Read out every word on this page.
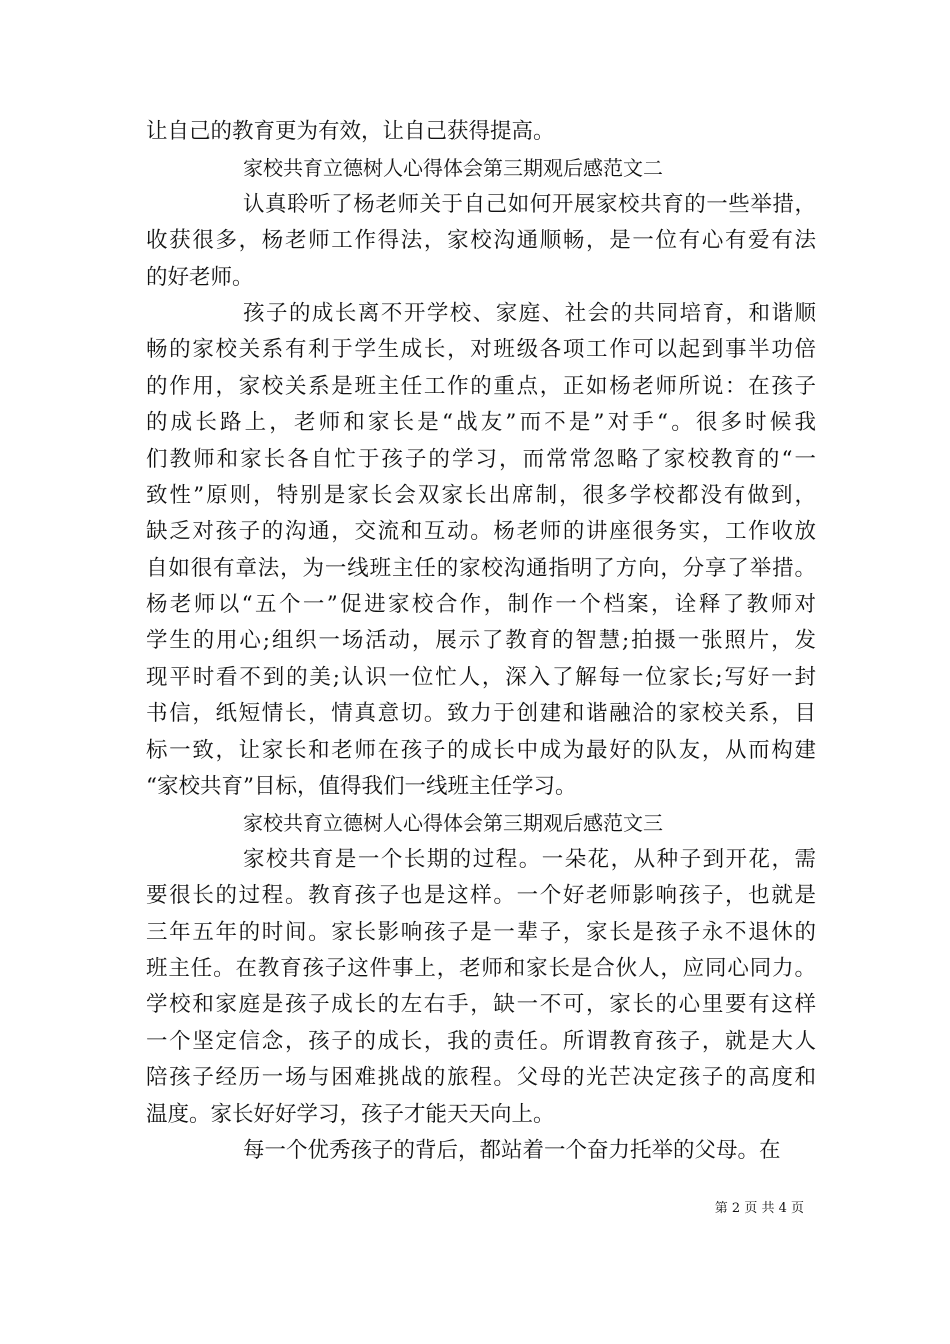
让自己的教育更为有效，让自己获得提高。
家校共育立德树人心得体会第三期观后感范文二
认真聆听了杨老师关于自己如何开展家校共育的一些举措，
收获很多，杨老师工作得法，家校沟通顺畅，是一位有心有爱有法
的好老师。
孩子的成长离不开学校、家庭、社会的共同培育，和谐顺
畅的家校关系有利于学生成长，对班级各项工作可以起到事半功倍
的作用，家校关系是班主任工作的重点，正如杨老师所说：在孩子
的成长路上，老师和家长是“战友”而不是”对手“。很多时候我
们教师和家长各自忙于孩子的学习，而常常忽略了家校教育的“一
致性”原则，特别是家长会双家长出席制，很多学校都没有做到，
缺乏对孩子的沟通，交流和互动。杨老师的讲座很务实，工作收放
自如很有章法，为一线班主任的家校沟通指明了方向，分享了举措。
杨老师以“五个一”促进家校合作，制作一个档案，诠释了教师对
学生的用心;组织一场活动，展示了教育的智慧;拍摄一张照片，发
现平时看不到的美;认识一位忙人，深入了解每一位家长;写好一封
书信，纸短情长，情真意切。致力于创建和谐融洽的家校关系，目
标一致，让家长和老师在孩子的成长中成为最好的队友，从而构建
“家校共育”目标，值得我们一线班主任学习。
家校共育立德树人心得体会第三期观后感范文三
家校共育是一个长期的过程。一朵花，从种子到开花，需
要很长的过程。教育孩子也是这样。一个好老师影响孩子，也就是
三年五年的时间。家长影响孩子是一辈子，家长是孩子永不退休的
班主任。在教育孩子这件事上，老师和家长是合伙人，应同心同力。
学校和家庭是孩子成长的左右手，缺一不可，家长的心里要有这样
一个坚定信念，孩子的成长，我的责任。所谓教育孩子，就是大人
陪孩子经历一场与困难挑战的旅程。父母的光芒决定孩子的高度和
温度。家长好好学习，孩子才能天天向上。
每一个优秀孩子的背后，都站着一个奋力托举的父母。在
第 2 页 共 4 页
